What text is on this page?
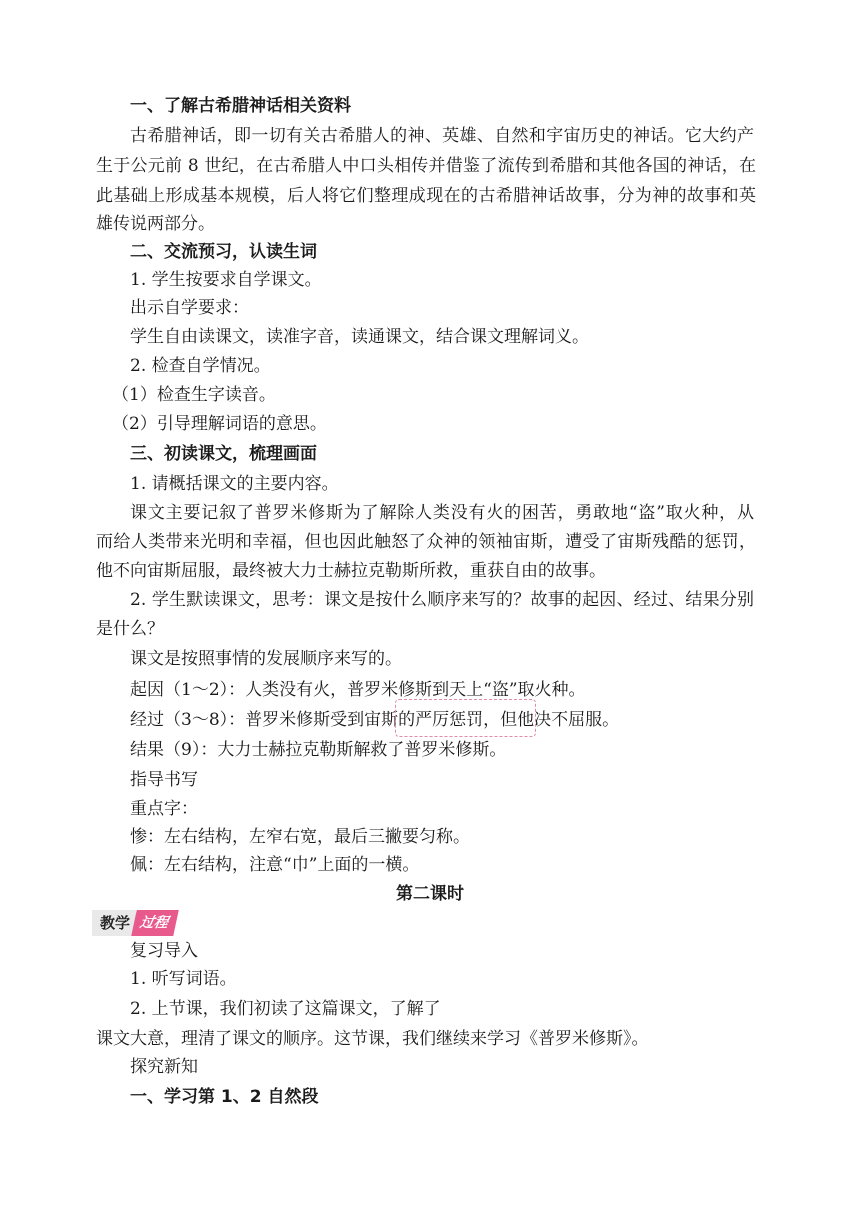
一、了解古希腊神话相关资料
古希腊神话，即一切有关古希腊人的神、英雄、自然和宇宙历史的神话。它大约产
生于公元前 8 世纪，在古希腊人中口头相传并借鉴了流传到希腊和其他各国的神话，在
此基础上形成基本规模，后人将它们整理成现在的古希腊神话故事，分为神的故事和英
雄传说两部分。
二、交流预习，认读生词
1. 学生按要求自学课文。
出示自学要求：
学生自由读课文，读准字音，读通课文，结合课文理解词义。
2. 检查自学情况。
（1）检查生字读音。
（2）引导理解词语的意思。
三、初读课文，梳理画面
1. 请概括课文的主要内容。
课文主要记叙了普罗米修斯为了解除人类没有火的困苦，勇敢地“盗”取火种，从
而给人类带来光明和幸福，但也因此触怒了众神的领袖宙斯，遭受了宙斯残酷的惩罚，
他不向宙斯屈服，最终被大力士赫拉克勒斯所救，重获自由的故事。
2. 学生默读课文，思考：课文是按什么顺序来写的？故事的起因、经过、结果分别
是什么？
课文是按照事情的发展顺序来写的。
起因（1～2）：人类没有火，普罗米修斯到天上“盗”取火种。
经过（3～8）：普罗米修斯受到宙斯的严厉惩罚，但他决不屈服。
结果（9）：大力士赫拉克勒斯解救了普罗米修斯。
指导书写
重点字：
惨：左右结构，左窄右宽，最后三撇要匀称。
佩：左右结构，注意“巾”上面的一横。
第二课时
教学 过程
复习导入
1. 听写词语。
2. 上节课，我们初读了这篇课文，了解了
课文大意，理清了课文的顺序。这节课，我们继续来学习《普罗米修斯》。
探究新知
一、学习第 1、2 自然段
